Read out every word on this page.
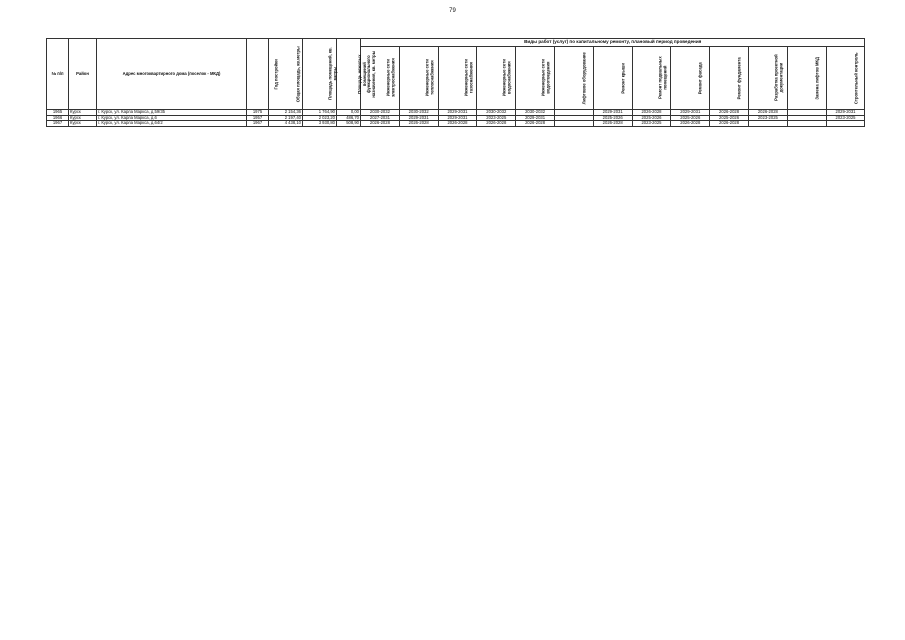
79
№ п/п	Район	Адрес многоквартирного дома (поселок - МКД)	Год постройки	Общая площадь, кв.метры	Площадь помещений, кв. метры	Площадь нежилых помещений функционального назначения, кв. метры	Виды работ (услуг) по капитальному ремонту, плановый период проведения												
							Инженерные сети электроснабжения	Инженерные сети теплоснабжения	Инженерные сети газоснабжения	Инженерные сети водоснабжения	Инженерные сети водоотведения	Лифтовое оборудование	Ремонт крыши	Ремонт подвальных помещений	Ремонт фасада	Ремонт фундамента	Разработка проектной документации	Замена лифтов МКД	Строительный контроль
1965	Курск	г. Курск, ул. Карла Маркса, д.59/35	1975	2 154,36	1 764,90	0,00	2030-2032	2030-2032	2029-2031	2030-2032	2030-2032		2029-2031	2026-2028	2029-2031	2026-2028	2026-2028		2029-2031
1966	Курск	г. Курск, ул. Карла Маркса, д.6	1957	2 197,40	2 023,20	486,70	2027-2031	2029-2031	2029-2031	2023-2025	2029-2031		2025-2026	2025-2026	2025-2026	2025-2026	2023-2025		2023-2025
1967	Курск	г. Курск, ул. Карла Маркса, д.64/2	1967	4 438,10	3 930,80	508,90	2026-2028	2026-2028	2026-2028	2026-2028	2026-2028		2026-2028	2023-2025	2026-2028	2026-2028			
